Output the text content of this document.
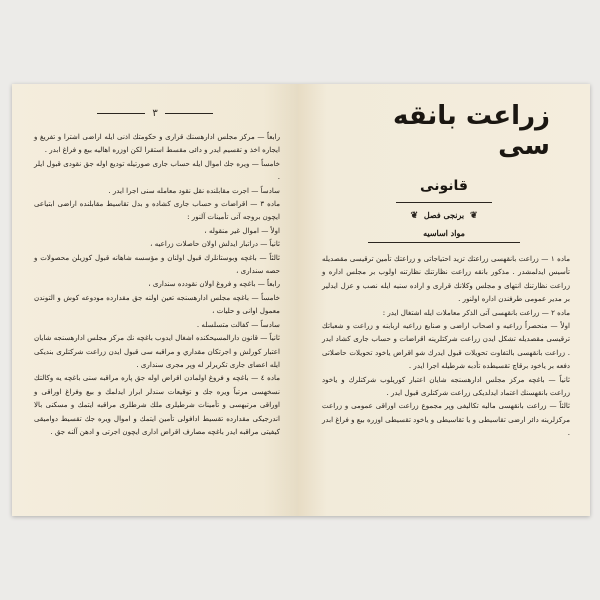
٣

رابعاً — مركز مجلس ادارهسنك قرارى و حكومتك اذنى ايله اراضى اشترا و تفريغ و ايجاره اخذ و تقسيم ايدر و دائى مقسط استقرا لكن اوزره اهاليه بيع و فراغ ابدر .

خامساً — ويره جك اموال ايله حساب جارى صورتيله تودیع اوله جق نقودى قبول ايلر .

سادساً — اجرت مقابلنده نقل نقود معامله سنى اجرا ايدر .

ماده ٣ — اقراضات و حساب جارى كشاده و بدل تقاسيط مقابلنده اراضى ابتياعى ايچون بروجه آتى تأمينات آلنور :

اولاً — اموال غير منقوله ،

ثانياً — دراتبار ايدلش اولان حاصلات زراعيه ،

ثالثاً — باغچه وبوستانلرك قبول اولنان و مؤسسه شاهانه قبول كوزيلن محصولات و حصه سندارى ،

رابعاً — باغچه و فروغ اولان نقودده سندارى ،

خامساً — باغچه مجلس ادارهسنجه تعين اولنه جق مقدارده مودوعه كوش و التوندن معمول اوانى و حليات ،

سادساً — كفالت متسلسله .

ثانياً — قانون دارالمسيحكنده اشغال ايدوب باغچه نك مركز مجلس ادارهسنجه شايان اعتبار كورلش و اجرتكان مقداري و مراقبه سى قبول ايدن زراعت شركتلرى بنديكى ايله اعضاى جارى تكريرلر له وپر مجرى سندارى .

ماده ٤ — باغچه و فروغ اولمادن اقراض اوله جق پاره مراقبه سنى باغچه يه وكالتك نسخهسى مرتباً ويره جك و توقيعات سندلر ابراز ايدلمك و بيع وفراغ اوراقى و اوراقى مرتبهسى و تأمينات شرطيلرى ملك شرطلرى مراقبه ايتمك و مسكنى بالا اندرجيكى مقدارده تقسيط ادافولى تأمين ايتمك و اموال ويره جك تقسيط دواميقى كيفيتى مراقبه ايدر باغچه مصارف اقراض ادارى ايچون اجرتى و ادهن آلنه جق .

زراعت بانقه سى
قانونى
❦ برنجى فصل ❦
مواد اساسيه

ماده ١ — زراعت بانقهسى زراعتك تزيد احتياجاتى و زراعتك تأمين ترقيسى مقصديله تأسيس ايدلمشدر . مذكور بانقه زراعت نظارتنك نظارتنه اولوب بر مجلس اداره و زراعت نظارتنك انتهاى و مجلس وكلانك قرارى و اراده سنيه ايله نصب و عزل ايدلير بر مدير عمومى طرفندن اداره اولنور .

ماده ٢ — زراعت بانقهسى آتى الذكر معاملات ايله اشتغال ايدر :

اولاً — منحصراً زراعيه و اصحاب اراضى و صنايع زراعيه اربابنه و زراعت و شعباتك ترقيسى مقصديله تشكل ايدن زراعت شركتلرينه اقراضات و حساب جارى كشاد ايدر . زراعت بانقهسى بالتفاوت تحويلات قبول ايدرك شو اقراض ياخود تحويلات حاصلاتى دفعه بر ياخود برقاچ تقسيطده تأدبه شرطيله اجرا ايدر .

ثانياً — باغچه مركز مجلس ادارهسنجه شايان اعتبار كوريلوب شركتلرك و ياخود زراعت بانقهسنك اعتماد ايدلديكى زراعت شركتلرى قبول ايدر .

ثالثاً — زراعت بانقهسى ماليه تكاليفى وپر مجموع زراعت اوراقى عمومى و زراعت مركزلرينه دائر ارضى تقاسيطى و يا تقاسيطى و ياخود تقسيطى اوزره بيع و فراغ ابدر .
